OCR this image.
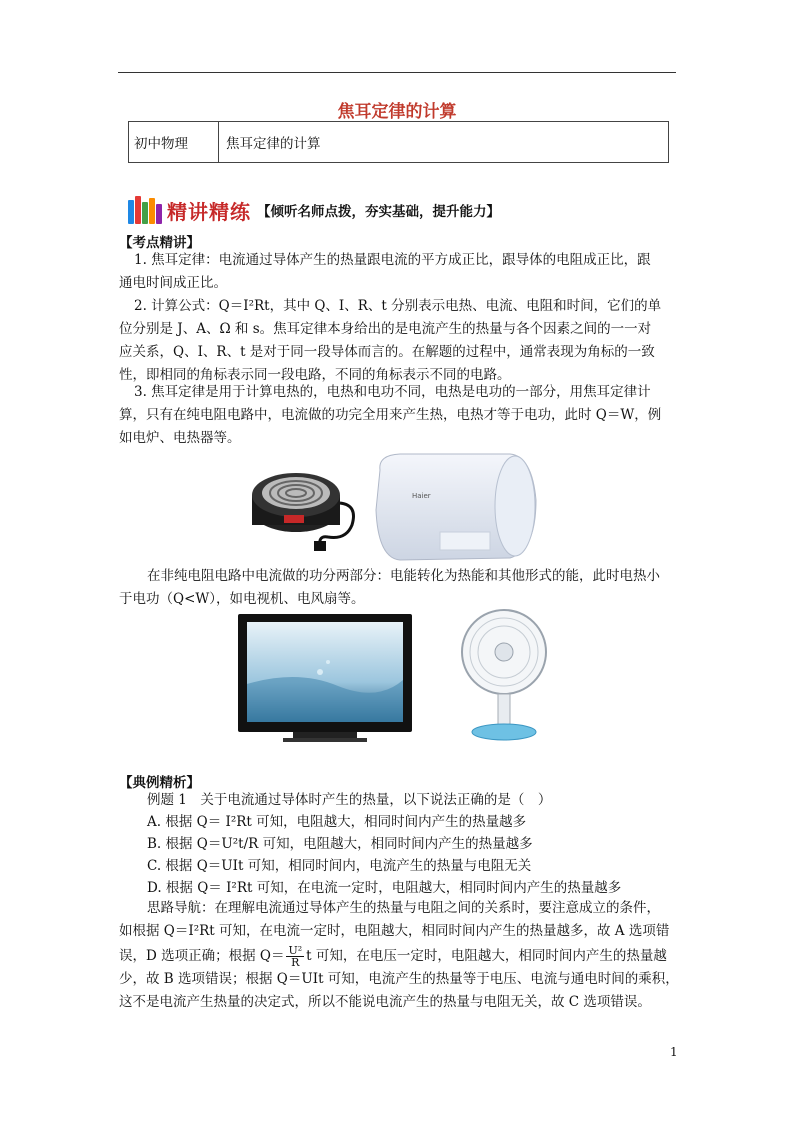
焦耳定律的计算
初中物理	焦耳定律的计算
精讲精练 【倾听名师点拨，夯实基础，提升能力】
【考点精讲】
1. 焦耳定律：电流通过导体产生的热量跟电流的平方成正比，跟导体的电阻成正比，跟
通电时间成正比。
2. 计算公式：Q＝I²Rt，其中 Q、I、R、t 分别表示电热、电流、电阻和时间，它们的单
位分别是 J、A、Ω 和 s。焦耳定律本身给出的是电流产生的热量与各个因素之间的一一对
应关系，Q、I、R、t 是对于同一段导体而言的。在解题的过程中，通常表现为角标的一致
性，即相同的角标表示同一段电路，不同的角标表示不同的电路。
3. 焦耳定律是用于计算电热的，电热和电功不同，电热是电功的一部分，用焦耳定律计
算，只有在纯电阻电路中，电流做的功完全用来产生热，电热才等于电功，此时 Q＝W，例
如电炉、电热器等。
Haier
在非纯电阻电路中电流做的功分两部分：电能转化为热能和其他形式的能，此时电热小
于电功（Q<W），如电视机、电风扇等。
【典例精析】
例题 1　关于电流通过导体时产生的热量，以下说法正确的是（　）
A. 根据 Q＝ I²Rt 可知，电阻越大，相同时间内产生的热量越多
B. 根据 Q＝U²t/R 可知，电阻越大，相同时间内产生的热量越多
C. 根据 Q＝UIt 可知，相同时间内，电流产生的热量与电阻无关
D. 根据 Q＝ I²Rt 可知，在电流一定时，电阻越大，相同时间内产生的热量越多
思路导航：在理解电流通过导体产生的热量与电阻之间的关系时，要注意成立的条件，
如根据 Q＝I²Rt 可知，在电流一定时，电阻越大，相同时间内产生的热量越多，故 A 选项错
误，D 选项正确；根据 $Q= \frac{\text{U²}}{R}$ t 可知，在电压一定时，电阻越大，相同时间内产生的热量越
少，故 B 选项错误；根据 Q＝UIt 可知，电流产生的热量等于电压、电流与通电时间的乘积，
这不是电流产生热量的决定式，所以不能说电流产生的热量与电阻无关，故 C 选项错误。
1
